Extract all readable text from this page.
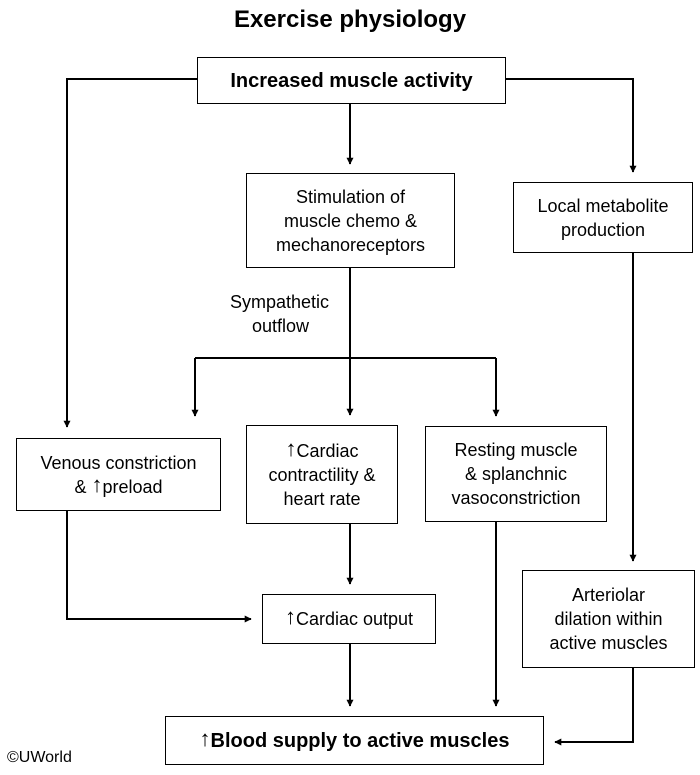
Exercise physiology
Increased muscle activity
Stimulation of
muscle chemo &
mechanoreceptors
Local metabolite
production
Sympathetic
outflow
Venous constriction
& ↑preload
↑Cardiac
contractility &
heart rate
Resting muscle
& splanchnic
vasoconstriction
↑Cardiac output
Arteriolar
dilation within
active muscles
↑Blood supply to active muscles
©UWorld
